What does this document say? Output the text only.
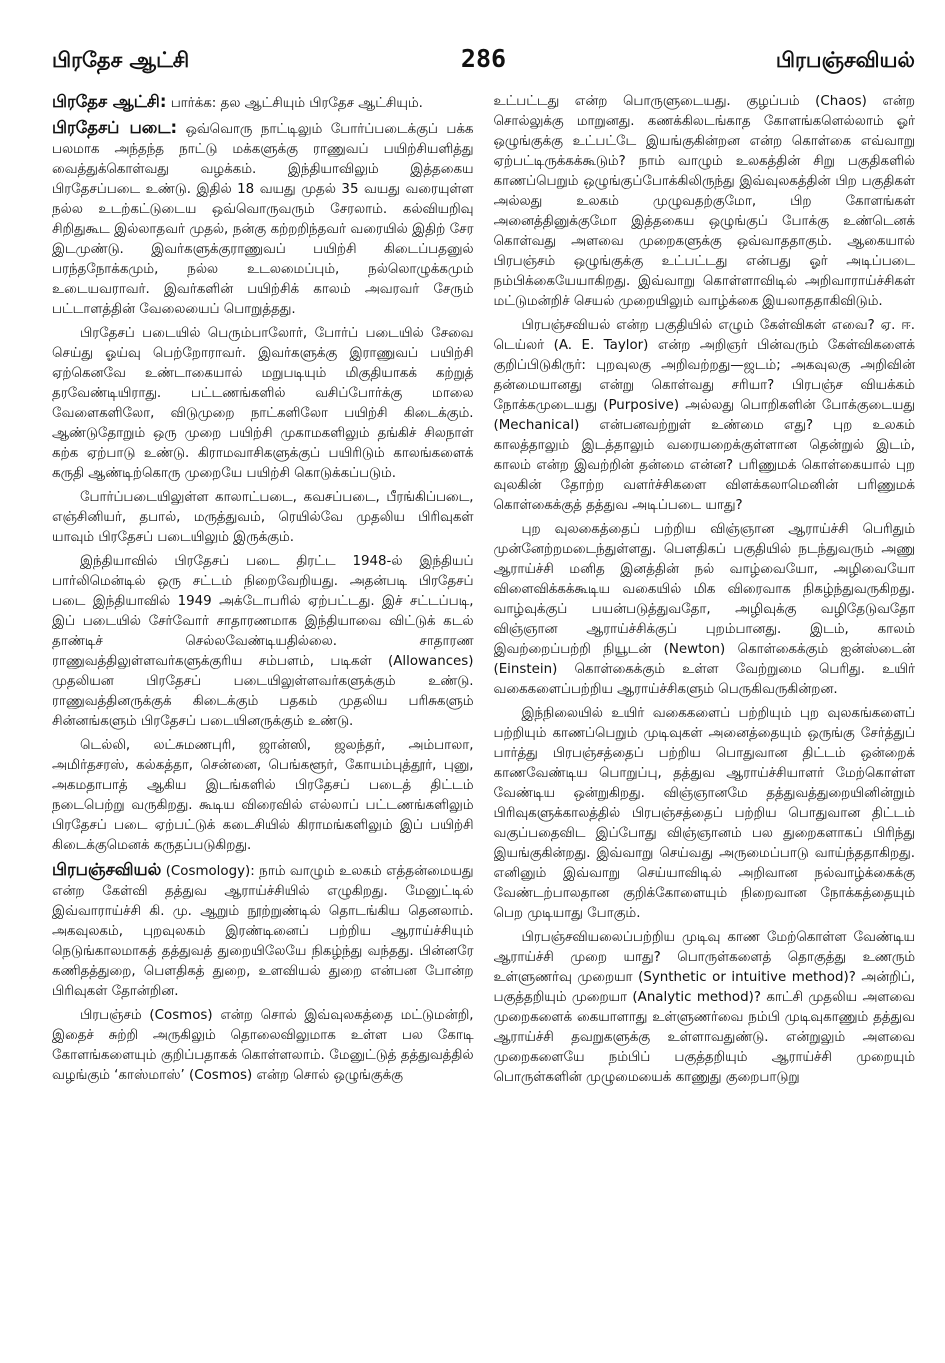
பிரதேச ஆட்சி	286	பிரபஞ்சவியல்

பிரதேச ஆட்சி: பார்க்க: தல ஆட்சியும் பிரதேச ஆட்சியும்.

பிரதேசப் படை: ஒவ்வொரு நாட்டிலும் போர்ப்படைக்குப் பக்க பலமாக அந்தந்த நாட்டு மக்களுக்கு ராணுவப் பயிற்சியளித்து வைத்துக்கொள்வது வழக்கம். இந்தியாவிலும் இத்தகைய பிரதேசப்படை உண்டு. இதில் 18 வயது முதல் 35 வயது வரையுள்ள நல்ல உடற்கட்டுடைய ஒவ்வொருவரும் சேரலாம். கல்வியறிவு சிறிதுகூட இல்லாதவர் முதல், நன்கு கற்றறிந்தவர் வரையில் இதிற் சேர இடமுண்டு. இவர்களுக்குராணுவப் பயிற்சி கிடைப்பதனுல் பரந்தநோக்கமும், நல்ல உடலமைப்பும், நல்லொழுக்கமும் உடையவராவர். இவர்களின் பயிற்சிக் காலம் அவரவர் சேரும் பட்டாளத்தின் வேலையைப் பொறுத்தது.

பிரதேசப் படையில் பெரும்பாலோர், போர்ப் படையில் சேவை செய்து ஓய்வு பெற்றோராவர். இவர்களுக்கு இராணுவப் பயிற்சி ஏற்கெனவே உண்டாகையால் மறுபடியும் மிகுதியாகக் கற்றுத் தரவேண்டியிராது. பட்டணங்களில் வசிப்போர்க்கு மாலை வேளைகளிலோ, விடுமுறை நாட்களிலோ பயிற்சி கிடைக்கும். ஆண்டுதோறும் ஒரு முறை பயிற்சி முகாமகளிலும் தங்கிச் சிலநாள் கற்க ஏற்பாடு உண்டு. கிராமவாசிகளுக்குப் பயிரிடும் காலங்களைக் கருதி ஆண்டிற்கொரு முறையே பயிற்சி கொடுக்கப்படும்.

போர்ப்படையிலுள்ள காலாட்படை, கவசப்படை, பீரங்கிப்படை, எஞ்சினியர், தபால், மருத்துவம், ரெயில்வே முதலிய பிரிவுகள் யாவும் பிரதேசப் படையிலும் இருக்கும்.

இந்தியாவில் பிரதேசப் படை திரட்ட 1948-ல் இந்தியப் பார்லிமென்டில் ஒரு சட்டம் நிறைவேறியது. அதன்படி பிரதேசப் படை இந்தியாவில் 1949 அக்டோபரில் ஏற்பட்டது. இச் சட்டப்படி, இப் படையில் சேர்வோர் சாதாரணமாக இந்தியாவை விட்டுக் கடல் தாண்டிச் செல்லவேண்டியதில்லை. சாதாரண ராணுவத்திலுள்ளவர்களுக்குரிய சம்பளம், படிகள் (Allowances) முதலியன பிரதேசப் படையிலுள்ளவர்களுக்கும் உண்டு. ராணுவத்தினருக்குக் கிடைக்கும் பதகம் முதலிய பரிசுகளும் சின்னங்களும் பிரதேசப் படையினருக்கும் உண்டு.

டெல்லி, லட்சுமணபுரி, ஜான்ஸி, ஜலந்தர், அம்பாலா, அமிர்தசரஸ், கல்கத்தா, சென்னை, பெங்களூர், கோயம்புத்தூர், புனு, அகமதாபாத் ஆகிய இடங்களில் பிரதேசப் படைத் திட்டம் நடைபெற்று வருகிறது. கூடிய விரைவில் எல்லாப் பட்டணங்களிலும் பிரதேசப் படை ஏற்பட்டுக் கடைசியில் கிராமங்களிலும் இப் பயிற்சி கிடைக்குமெனக் கருதப்படுகிறது.

பிரபஞ்சவியல் (Cosmology): நாம் வாழும் உலகம் எத்தன்மையது என்ற கேள்வி தத்துவ ஆராய்ச்சியில் எழுகிறது. மேனுட்டில் இவ்வாராய்ச்சி கி. மு. ஆறும் நூற்றுண்டில் தொடங்கிய தெனலாம். அகவுலகம், புறவுலகம் இரண்டினைப் பற்றிய ஆராய்ச்சியும் நெடுங்காலமாகத் தத்துவத் துறையிலேயே நிகழ்ந்து வந்தது. பின்னரே கணிதத்துறை, பௌதிகத் துறை, உளவியல் துறை என்பன போன்ற பிரிவுகள் தோன்றின.

பிரபஞ்சம் (Cosmos) என்ற சொல் இவ்வுலகத்தை மட்டுமன்றி, இதைச் சுற்றி அருகிலும் தொலைவிலுமாக உள்ள பல கோடி கோளங்களையும் குறிப்பதாகக் கொள்ளலாம். மேனுட்டுத் தத்துவத்தில் வழங்கும் ‘காஸ்மாஸ்’ (Cosmos) என்ற சொல் ஒழுங்குக்கு

உட்பட்டது என்ற பொருளுடையது. குழப்பம் (Chaos) என்ற சொல்லுக்கு மாறுனது. கணக்கிலடங்காத கோளங்களெல்லாம் ஓர் ஒழுங்குக்கு உட்பட்டே இயங்குகின்றன என்ற கொள்கை எவ்வாறு ஏற்பட்டிருக்கக்கூடும்? நாம் வாழும் உலகத்தின் சிறு பகுதிகளில் காணப்பெறும் ஒழுங்குப்போக்கிலிருந்து இவ்வுலகத்தின் பிற பகுதிகள் அல்லது உலகம் முழுவதற்குமோ, பிற கோளங்கள் அனைத்தினுக்குமோ இத்தகைய ஒழுங்குப் போக்கு உண்டெனக் கொள்வது அளவை முறைகளுக்கு ஒவ்வாததாகும். ஆகையால் பிரபஞ்சம் ஒழுங்குக்கு உட்பட்டது என்பது ஓர் அடிப்படை நம்பிக்கையேயாகிறது. இவ்வாறு கொள்ளாவிடில் அறிவாராய்ச்சிகள் மட்டுமன்றிச் செயல் முறையிலும் வாழ்க்கை இயலாததாகிவிடும்.

பிரபஞ்சவியல் என்ற பகுதியில் எழும் கேள்விகள் எவை? ஏ. ஈ. டெய்லர் (A. E. Taylor) என்ற அறிஞர் பின்வரும் கேள்விகளைக் குறிப்பிடுகிருர்: புறவுலகு அறிவற்றது—ஜடம்; அகவுலகு அறிவின் தன்மையானது என்று கொள்வது சரியா? பிரபஞ்ச வியக்கம் நோக்கமுடையது (Purposive) அல்லது பொறிகளின் போக்குடையது (Mechanical) என்பனவற்றுள் உண்மை எது? புற உலகம் காலத்தாலும் இடத்தாலும் வரையறைக்குள்ளான தென்றுல் இடம், காலம் என்ற இவற்றின் தன்மை என்ன? பரிணுமக் கொள்கையால் புற வுலகின் தோற்ற வளர்ச்சிகளை விளக்கலாமெனின் பரிணுமக் கொள்கைக்குத் தத்துவ அடிப்படை யாது?

புற வுலகைத்தைப் பற்றிய விஞ்ஞான ஆராய்ச்சி பெரிதும் முன்னேற்றமடைந்துள்ளது. பௌதிகப் பகுதியில் நடந்துவரும் அணு ஆராய்ச்சி மனித இனத்தின் நல் வாழ்வையோ, அழிவையோ விளைவிக்கக்கூடிய வகையில் மிக விரைவாக நிகழ்ந்துவருகிறது. வாழ்வுக்குப் பயன்படுத்துவதோ, அழிவுக்கு வழிதேடுவதோ விஞ்ஞான ஆராய்ச்சிக்குப் புறம்பானது. இடம், காலம் இவற்றைப்பற்றி நியூடன் (Newton) கொள்கைக்கும் ஐன்ஸ்டைன் (Einstein) கொள்கைக்கும் உள்ள வேற்றுமை பெரிது. உயிர் வகைகளைப்பற்றிய ஆராய்ச்சிகளும் பெருகிவருகின்றன.

இந்நிலையில் உயிர் வகைகளைப் பற்றியும் புற வுலகங்களைப் பற்றியும் காணப்பெறும் முடிவுகள் அனைத்தையும் ஒருங்கு சேர்த்துப் பார்த்து பிரபஞ்சத்தைப் பற்றிய பொதுவான திட்டம் ஒன்றைக் காணவேண்டிய பொறுப்பு, தத்துவ ஆராய்ச்சியாளர் மேற்கொள்ள வேண்டிய ஒன்றுகிறது. விஞ்ஞானமே தத்துவத்துறையினின்றும் பிரிவுகளுக்காலத்தில் பிரபஞ்சத்தைப் பற்றிய பொதுவான திட்டம் வகுப்பதைவிட இப்போது விஞ்ஞானம் பல துறைகளாகப் பிரிந்து இயங்குகின்றது. இவ்வாறு செய்வது அருமைப்பாடு வாய்ந்ததாகிறது. எனினும் இவ்வாறு செய்யாவிடில் அறிவான நல்வாழ்க்கைக்கு வேண்டற்பாலதான குறிக்கோளையும் நிறைவான நோக்கத்தையும் பெற முடியாது போகும்.

பிரபஞ்சவியலைப்பற்றிய முடிவு காண மேற்கொள்ள வேண்டிய ஆராய்ச்சி முறை யாது? பொருள்களைத் தொகுத்து உணரும் உள்ளுணர்வு முறையா (Synthetic or intuitive method)? அன்றிப், பகுத்தறியும் முறையா (Analytic method)? காட்சி முதலிய அளவை முறைகளைக் கையாளாது உள்ளுணர்வை நம்பி முடிவுகாணும் தத்துவ ஆராய்ச்சி தவறுகளுக்கு உள்ளாவதுண்டு. என்றுலும் அளவை முறைகளையே நம்பிப் பகுத்தறியும் ஆராய்ச்சி முறையும் பொருள்களின் முழுமையைக் காணுது குறைபாடுறு
